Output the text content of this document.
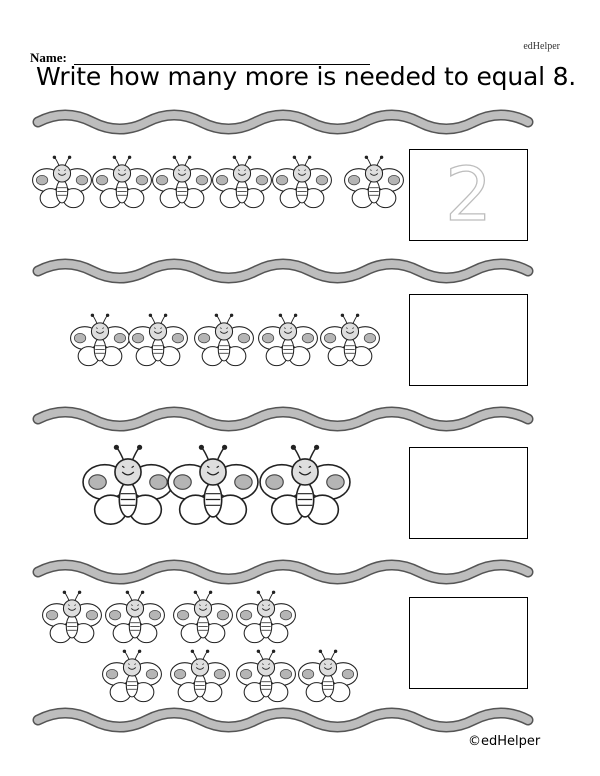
edHelper
Name:
Write how many more is needed to equal 8.
2
©edHelper
